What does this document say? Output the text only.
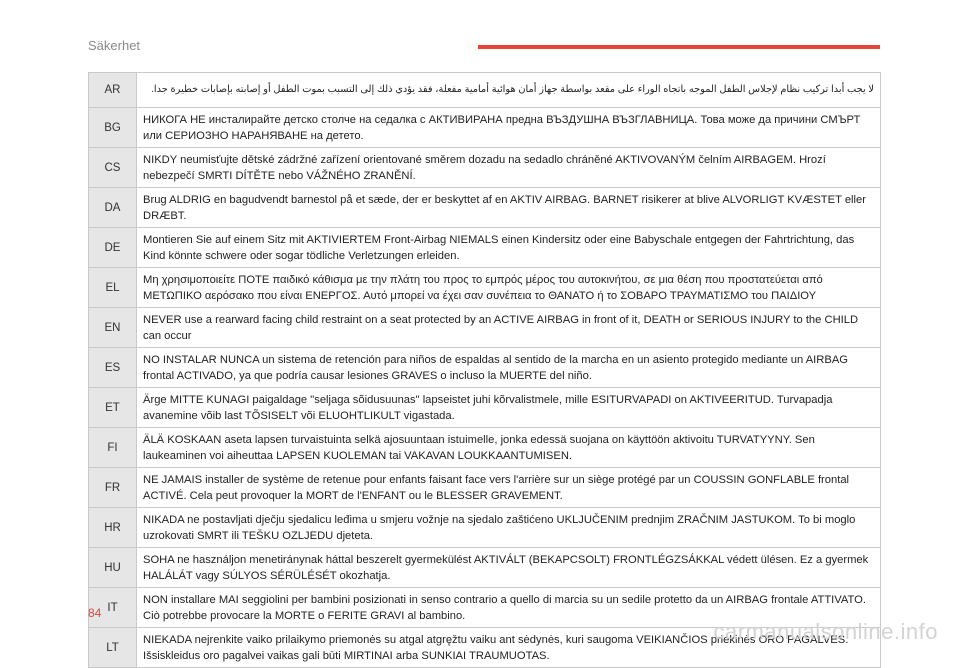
Säkerhet
AR	لا يجب أبدا تركيب نظام لإجلاس الطفل الموجه باتجاه الوراء على مقعد بواسطة جهاز أمان هوائية أمامية مفعلة، فقد يؤدي ذلك إلى التسبب بموت الطفل أو إصابته بإصابات خطيرة جدا.
BG	НИКОГА НЕ инсталирайте детско столче на седалка с АКТИВИРАНА предна ВЪЗДУШНА ВЪЗГЛАВНИЦА. Това може да причини СМЪРТ или СЕРИОЗНО НАРАНЯВАНЕ на детето.
CS	NIKDY neumisťujte dětské zádržné zařízení orientované směrem dozadu na sedadlo chráněné AKTIVOVANÝM čelním AIRBAGEM. Hrozí nebezpečí SMRTI DÍTĚTE nebo VÁŽNÉHO ZRANĚNÍ.
DA	Brug ALDRIG en bagudvendt barnestol på et sæde, der er beskyttet af en AKTIV AIRBAG. BARNET risikerer at blive ALVORLIGT KVÆSTET eller DRÆBT.
DE	Montieren Sie auf einem Sitz mit AKTIVIERTEM Front-Airbag NIEMALS einen Kindersitz oder eine Babyschale entgegen der Fahrtrichtung, das Kind könnte schwere oder sogar tödliche Verletzungen erleiden.
EL	Μη χρησιμοποιείτε ΠΟΤΕ παιδικό κάθισμα με την πλάτη του προς το εμπρός μέρος του αυτοκινήτου, σε μια θέση που προστατεύεται από ΜΕΤΩΠΙΚΟ αερόσακο που είναι ΕΝΕΡΓΟΣ. Αυτό μπορεί να έχει σαν συνέπεια το ΘΑΝΑΤΟ ή το ΣΟΒΑΡΟ ΤΡΑΥΜΑΤΙΣΜΟ του ΠΑΙΔΙΟΥ
EN	NEVER use a rearward facing child restraint on a seat protected by an ACTIVE AIRBAG in front of it, DEATH or SERIOUS INJURY to the CHILD can occur
ES	NO INSTALAR NUNCA un sistema de retención para niños de espaldas al sentido de la marcha en un asiento protegido mediante un AIRBAG frontal ACTIVADO, ya que podría causar lesiones GRAVES o incluso la MUERTE del niño.
ET	Ärge MITTE KUNAGI paigaldage "seljaga sõidusuunas" lapseistet juhi kõrvalistmele, mille ESITURVAPADI on AKTIVEERITUD. Turvapadja avanemine võib last TÕSISELT või ELUOHTLIKULT vigastada.
FI	ÄLÄ KOSKAAN aseta lapsen turvaistuinta selkä ajosuuntaan istuimelle, jonka edessä suojana on käyttöön aktivoitu TURVATYYNY. Sen laukeaminen voi aiheuttaa LAPSEN KUOLEMAN tai VAKAVAN LOUKKAANTUMISEN.
FR	NE JAMAIS installer de système de retenue pour enfants faisant face vers l'arrière sur un siège protégé par un COUSSIN GONFLABLE frontal ACTIVÉ. Cela peut provoquer la MORT de l'ENFANT ou le BLESSER GRAVEMENT.
HR	NIKADA ne postavljati dječju sjedalicu leđima u smjeru vožnje na sjedalo zaštićeno UKLJUČENIM prednjim ZRAČNIM JASTUKOM. To bi moglo uzrokovati SMRT ili TEŠKU OZLJEDU djeteta.
HU	SOHA ne használjon menetiránynak háttal beszerelt gyermekülést AKTIVÁLT (BEKAPCSOLT) FRONTLÉGZSÁKKAL védett ülésen. Ez a gyermek HALÁLÁT vagy SÚLYOS SÉRÜLÉSÉT okozhatja.
IT	NON installare MAI seggiolini per bambini posizionati in senso contrario a quello di marcia su un sedile protetto da un AIRBAG frontale ATTIVATO. Ciò potrebbe provocare la MORTE o FERITE GRAVI al bambino.
LT	NIEKADA nejrenkite vaiko prilaikymo priemonės su atgal atgręžtu vaiku ant sėdynės, kuri saugoma VEIKIANČIOS priekinės ORO PAGALVĖS. Išsiskleidus oro pagalvei vaikas gali būti MIRTINAI arba SUNKIAI TRAUMUOTAS.
84
carmanualsonline.info
